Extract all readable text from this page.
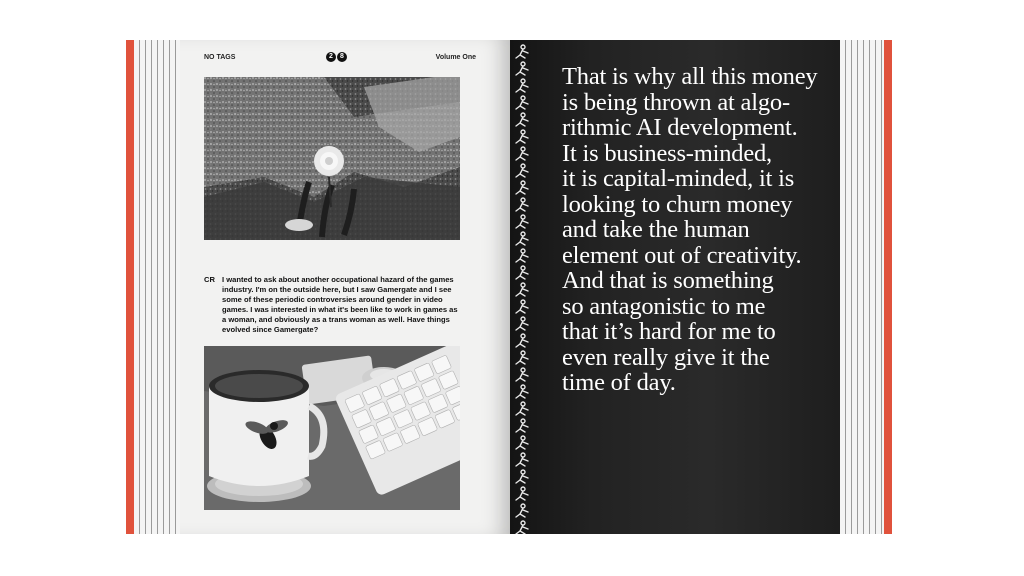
NO TAGS	2	8	Volume One
CR I wanted to ask about another occupational hazard of the games industry. I'm on the outside here, but I saw Gamergate and I see some of these periodic controversies around gender in video games. I was interested in what it's been like to work in games as a woman, and obviously as a trans woman as well. Have things evolved since Gamergate?
That is why all this money
is being thrown at algo-
rithmic AI development.
It is business-minded,
it is capital-minded, it is
looking to churn money
and take the human
element out of creativity.
And that is something
so antagonistic to me
that it’s hard for me to
even really give it the
time of day.
